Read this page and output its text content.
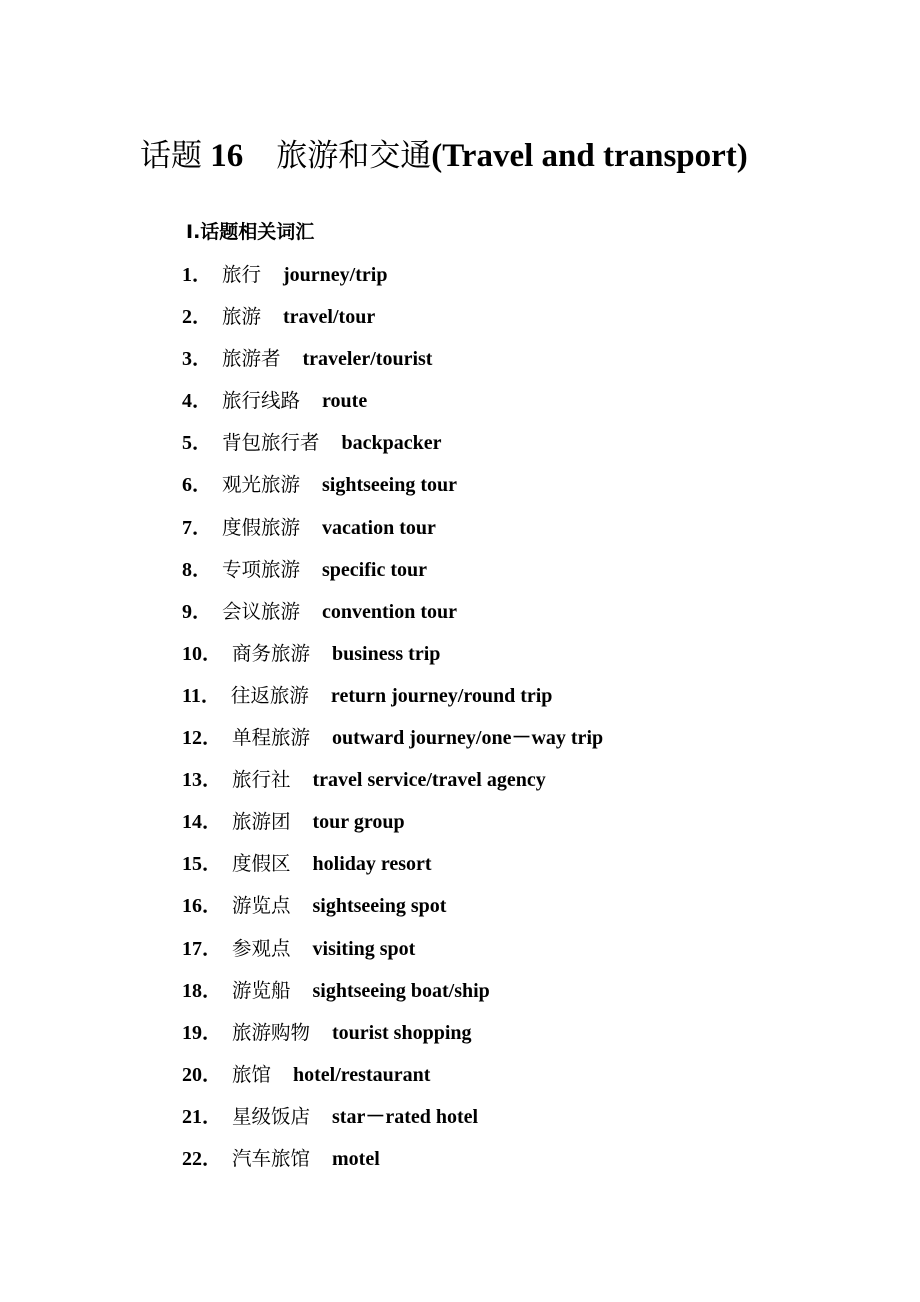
话题 16 旅游和交通(Travel and transport)
Ⅰ.话题相关词汇
1． 旅行 journey/trip
2． 旅游 travel/tour
3． 旅游者 traveler/tourist
4． 旅行线路 route
5． 背包旅行者 backpacker
6． 观光旅游 sightseeing tour
7． 度假旅游 vacation tour
8． 专项旅游 specific tour
9． 会议旅游 convention tour
10． 商务旅游 business trip
11． 往返旅游 return journey/round trip
12． 单程旅游 outward journey/one－way trip
13． 旅行社 travel service/travel agency
14． 旅游团 tour group
15． 度假区 holiday resort
16． 游览点 sightseeing spot
17． 参观点 visiting spot
18． 游览船 sightseeing boat/ship
19． 旅游购物 tourist shopping
20． 旅馆 hotel/restaurant
21． 星级饭店 star－rated hotel
22． 汽车旅馆 motel
